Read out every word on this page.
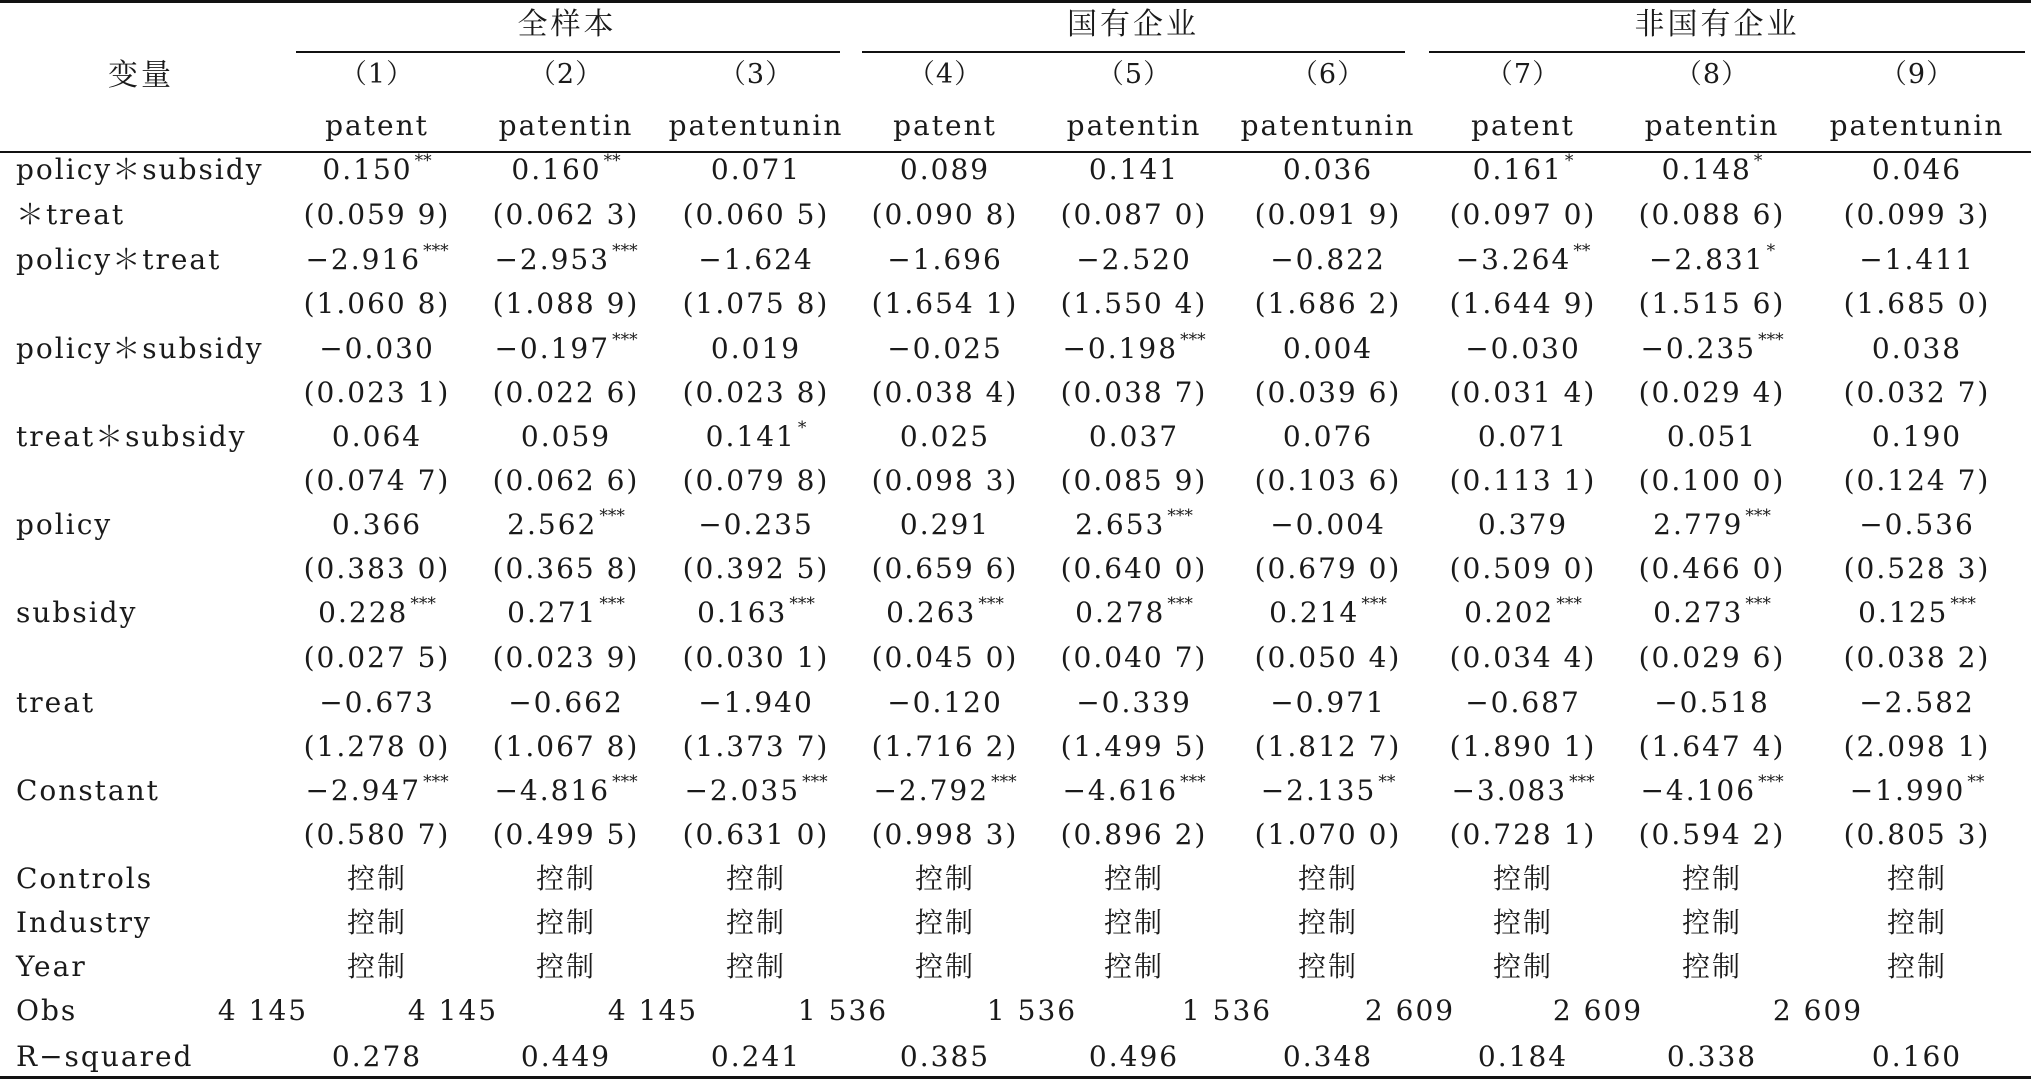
变量
全样本	国有企业	非国有企业
（1）	（2）	（3）	（4）	（5）	（6）	（7）	（8）	（9）
patent patentin patentunin patent patentin patentunin patent patentin patentunin
policy＊subsidy 0.150 **	0.160 **	0.071	0.089	0.141	0.036	0.161 *	0.148 *	0.046
＊treat	(0.059 9) (0.062 3) (0.060 5) (0.090 8) (0.087 0) (0.091 9) (0.097 0) (0.088 6) (0.099 3)
policy＊treat	−2.916 *** −2.953 *** −1.624	−1.696	−2.520	−0.822 −3.264 ** −2.831 *	−1.411
(1.060 8) (1.088 9) (1.075 8) (1.654 1) (1.550 4) (1.686 2) (1.644 9) (1.515 6) (1.685 0)
policy＊subsidy −0.030 −0.197 ***	0.019	−0.025 −0.198 ***	0.004	−0.030 −0.235 ***	0.038
(0.023 1) (0.022 6) (0.023 8) (0.038 4) (0.038 7) (0.039 6) (0.031 4) (0.029 4) (0.032 7)
treat＊subsidy	0.064	0.059	0.141 *	0.025	0.037	0.076	0.071	0.051	0.190
(0.074 7) (0.062 6) (0.079 8) (0.098 3) (0.085 9) (0.103 6) (0.113 1) (0.100 0) (0.124 7)
policy	0.366	2.562 ***	−0.235	0.291	2.653 ***	−0.004	0.379	2.779 ***	−0.536
(0.383 0) (0.365 8) (0.392 5) (0.659 6) (0.640 0) (0.679 0) (0.509 0) (0.466 0) (0.528 3)
subsidy	0.228 ***	0.271 ***	0.163 ***	0.263 ***	0.278 ***	0.214 ***	0.202 ***	0.273 ***	0.125 ***
(0.027 5) (0.023 9) (0.030 1) (0.045 0) (0.040 7) (0.050 4) (0.034 4) (0.029 6) (0.038 2)
treat	−0.673	−0.662	−1.940	−0.120	−0.339	−0.971	−0.687	−0.518	−2.582
(1.278 0) (1.067 8) (1.373 7) (1.716 2) (1.499 5) (1.812 7) (1.890 1) (1.647 4) (2.098 1)
Constant	−2.947 *** −4.816 *** −2.035 *** −2.792 *** −4.616 *** −2.135 ** −3.083 *** −4.106 *** −1.990 **
(0.580 7) (0.499 5) (0.631 0) (0.998 3) (0.896 2) (1.070 0) (0.728 1) (0.594 2) (0.805 3)
Controls	控制	控制	控制	控制	控制	控制	控制	控制	控制
Industry	控制	控制	控制	控制	控制	控制	控制	控制	控制
Year	控制	控制	控制	控制	控制	控制	控制	控制	控制
Obs	4 145	4 145	4 145	1 536	1 536	1 536	2 609	2 609	2 609
R−squared	0.278	0.449	0.241	0.385	0.496	0.348	0.184	0.338	0.160
